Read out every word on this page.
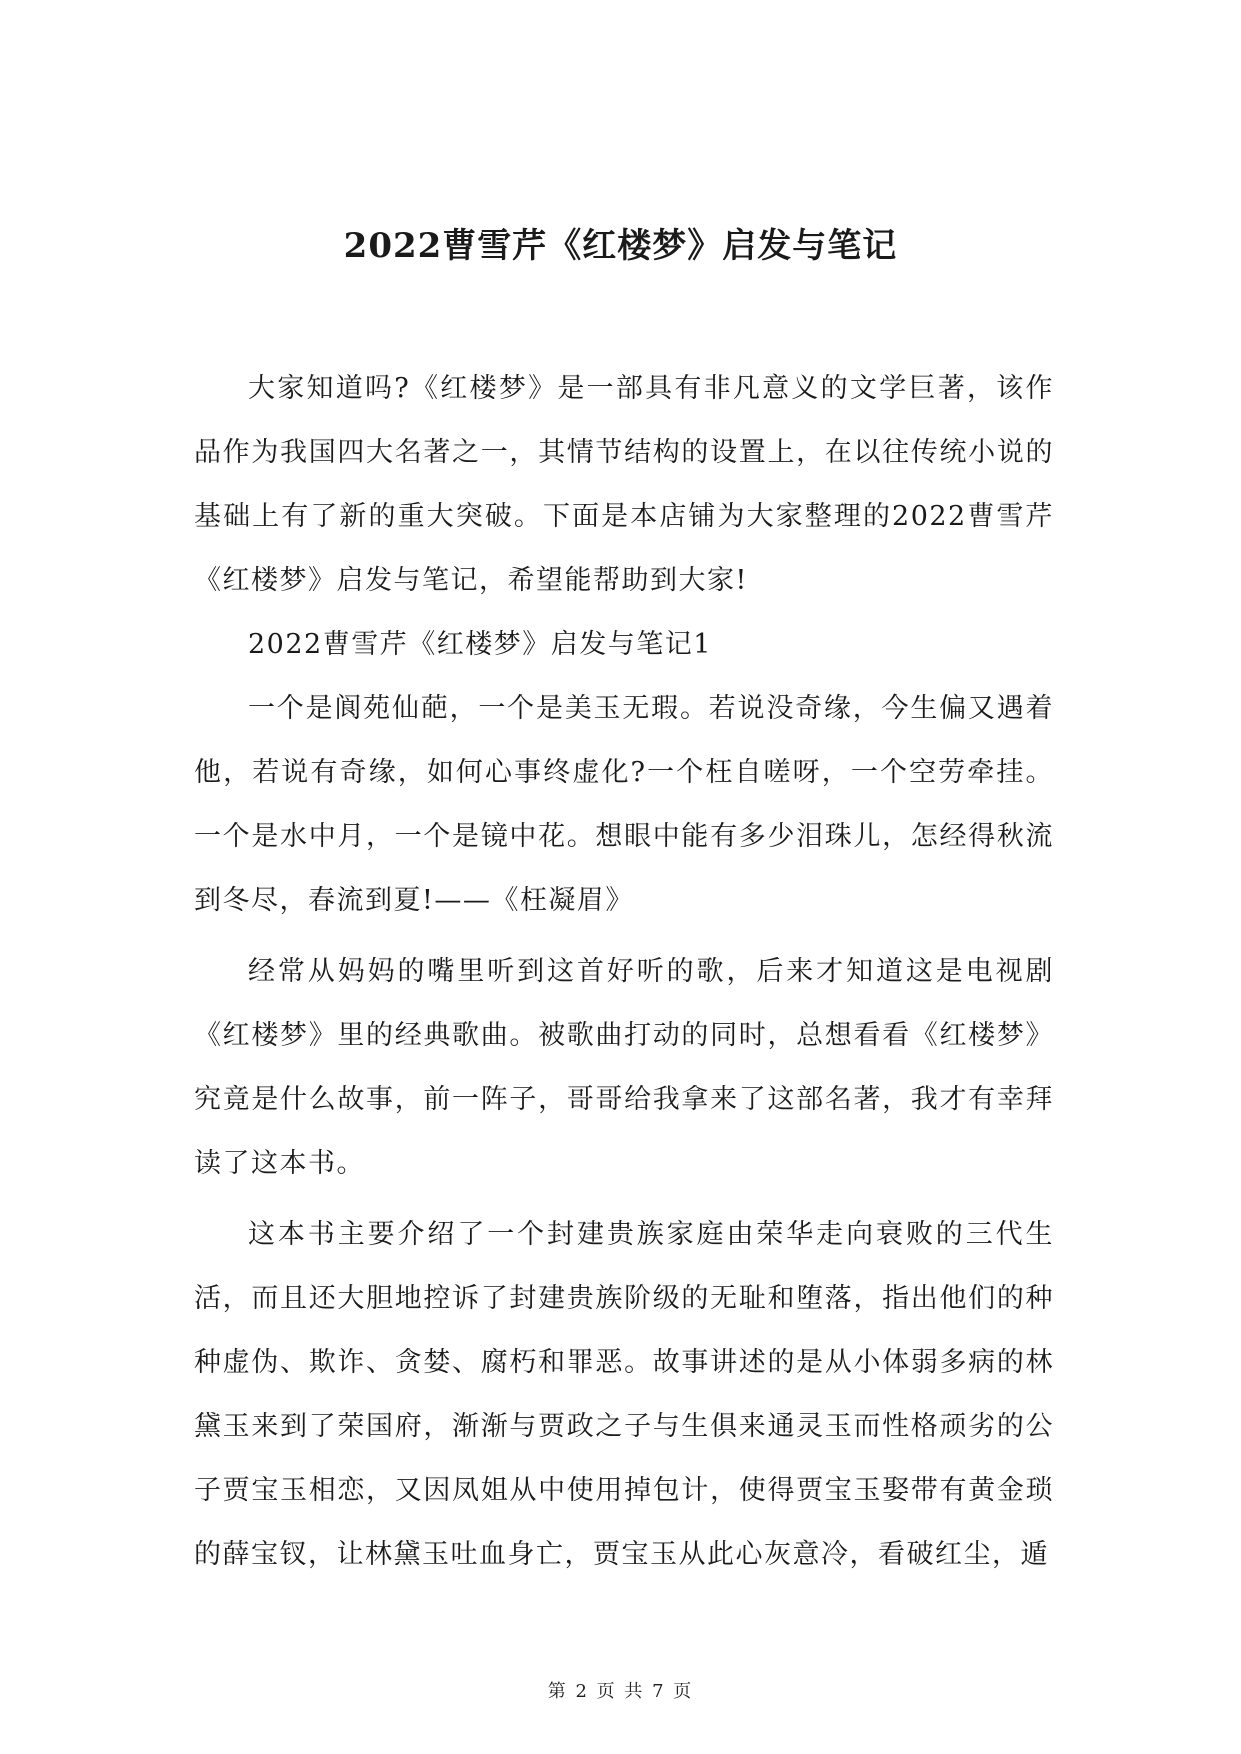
2022曹雪芹《红楼梦》启发与笔记

大家知道吗?《红楼梦》是一部具有非凡意义的文学巨著，该作品作为我国四大名著之一，其情节结构的设置上，在以往传统小说的基础上有了新的重大突破。下面是本店铺为大家整理的2022曹雪芹《红楼梦》启发与笔记，希望能帮助到大家!

2022曹雪芹《红楼梦》启发与笔记1

一个是阆苑仙葩，一个是美玉无瑕。若说没奇缘，今生偏又遇着他，若说有奇缘，如何心事终虚化?一个枉自嗟呀，一个空劳牵挂。一个是水中月，一个是镜中花。想眼中能有多少泪珠儿，怎经得秋流到冬尽，春流到夏!——《枉凝眉》

经常从妈妈的嘴里听到这首好听的歌，后来才知道这是电视剧《红楼梦》里的经典歌曲。被歌曲打动的同时，总想看看《红楼梦》究竟是什么故事，前一阵子，哥哥给我拿来了这部名著，我才有幸拜读了这本书。

这本书主要介绍了一个封建贵族家庭由荣华走向衰败的三代生活，而且还大胆地控诉了封建贵族阶级的无耻和堕落，指出他们的种种虚伪、欺诈、贪婪、腐朽和罪恶。故事讲述的是从小体弱多病的林黛玉来到了荣国府，渐渐与贾政之子与生俱来通灵玉而性格顽劣的公子贾宝玉相恋，又因凤姐从中使用掉包计，使得贾宝玉娶带有黄金琐的薛宝钗，让林黛玉吐血身亡，贾宝玉从此心灰意冷，看破红尘，遁

第 2 页 共 7 页
